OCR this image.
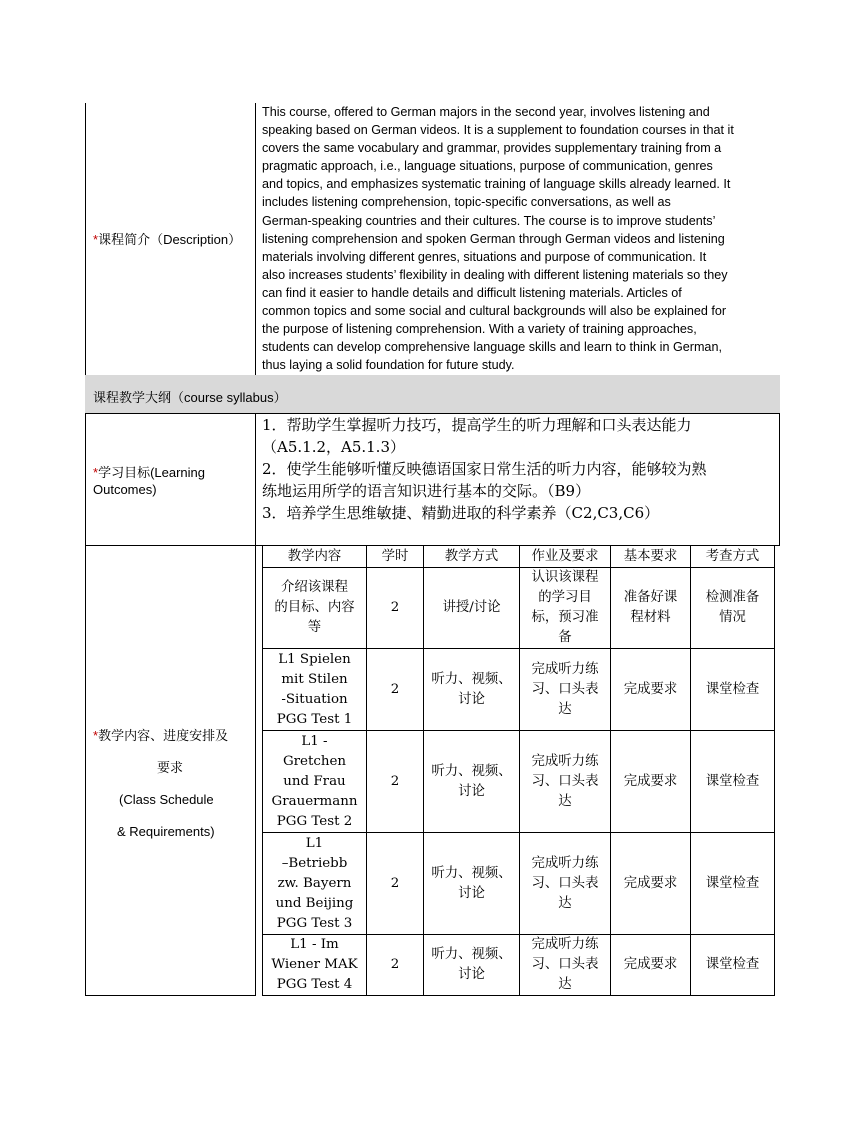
*课程简介（Description）
This course, offered to German majors in the second year, involves listening and
speaking based on German videos. It is a supplement to foundation courses in that it
covers the same vocabulary and grammar, provides supplementary training from a
pragmatic approach, i.e., language situations, purpose of communication, genres
and topics, and emphasizes systematic training of language skills already learned. It
includes listening comprehension, topic-specific conversations, as well as
German-speaking countries and their cultures. The course is to improve students’
listening comprehension and spoken German through German videos and listening
materials involving different genres, situations and purpose of communication. It
also increases students’ flexibility in dealing with different listening materials so they
can find it easier to handle details and difficult listening materials. Articles of
common topics and some social and cultural backgrounds will also be explained for
the purpose of listening comprehension. With a variety of training approaches,
students can develop comprehensive language skills and learn to think in German,
thus laying a solid foundation for future study.
课程教学大纲（course syllabus）
*学习目标(Learning
Outcomes)
1．帮助学生掌握听力技巧，提高学生的听力理解和口头表达能力
（A5.1.2，A5.1.3）
2．使学生能够听懂反映德语国家日常生活的听力内容，能够较为熟
练地运用所学的语言知识进行基本的交际。（B9）
3．培养学生思维敏捷、精勤进取的科学素养（C2,C3,C6）
*教学内容、进度安排及
要求
(Class Schedule
& Requirements)
教学内容	学时	教学方式	作业及要求	基本要求	考查方式

介绍该课程
的目标、内容
等	2	讲授/讨论	认识该课程
的学习目
标，预习准
备	准备好课
程材料	检测准备
情况

L1 Spielen
mit Stilen
-Situation
PGG Test 1	2	听力、视频、
讨论	完成听力练
习、口头表
达	完成要求	课堂检查

L1 -
Gretchen
und Frau
Grauermann
PGG Test 2	2	听力、视频、
讨论	完成听力练
习、口头表
达	完成要求	课堂检查

L1
–Betriebb
zw. Bayern
und Beijing
PGG Test 3	2	听力、视频、
讨论	完成听力练
习、口头表
达	完成要求	课堂检查

L1 - Im
Wiener MAK
PGG Test 4	2	听力、视频、
讨论	完成听力练
习、口头表
达	完成要求	课堂检查
